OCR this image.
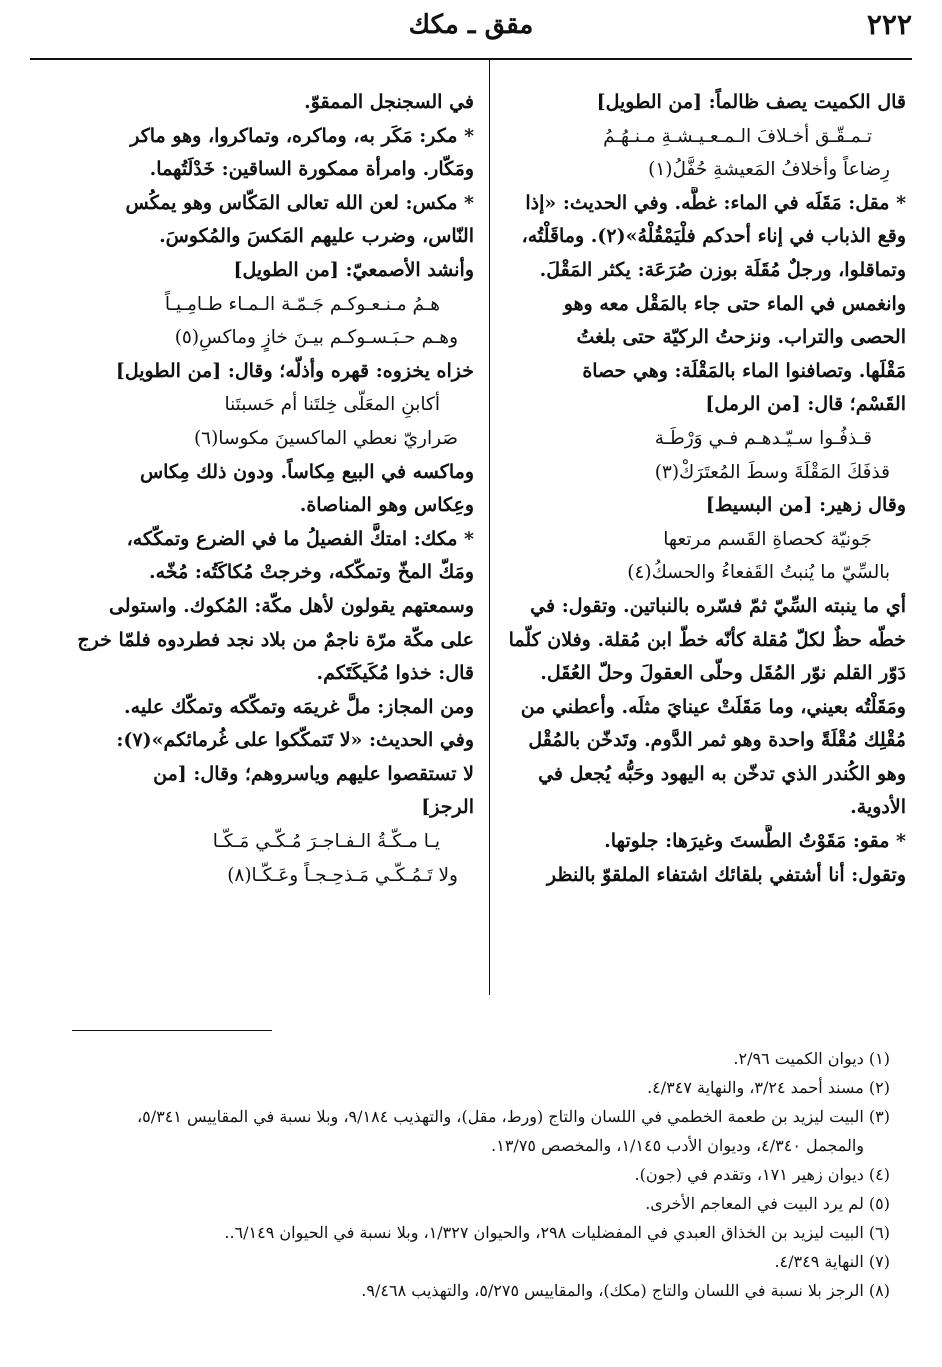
٢٢٢
مقق ـ مكك
قال الكميت يصف ظالماً: [من الطويل]
تـمـقّـق أخـلافَ الـمـعـيـشـةِ مـنـهُـمُ
رِضاعاً وأخلافُ المَعيشةِ حُفَّلُ(١)
* مقل: مَقَلَه في الماء: غطَّه. وفي الحديث: «إذا
وقع الذباب في إناء أحدكم فلْيَمْقُلْهُ»(٢). وماقَلْتُه،
وتماقلوا، ورجلٌ مُقَلَة بوزن صُرَعَة: يكثر المَقْلَ.
وانغمس في الماء حتى جاء بالمَقْل معه وهو
الحصى والتراب. ونزحتُ الركيّة حتى بلغتُ
مَقْلَها. وتصافنوا الماء بالمَقْلَة: وهي حصاة
القَسْم؛ قال: [من الرمل]
قـذفُـوا سـيّـدهـم فـي وَرْطَـة
قذفَكَ المَقْلَةَ وسطَ المُعتَرَكْ(٣)
وقال زهير: [من البسيط]
جَونيّة كحصاةِ القَسم مرتعها
بالسِّيّ ما يُنبتُ القَفعاءُ والحسكُ(٤)
أي ما ينبته السِّيّ ثمّ فسّره بالنباتين. وتقول: في
خطّه حظٌ لكلّ مُقلة كأنّه خطّ ابن مُقلة. وفلان كلّما
دَوّر القلم نوّر المُقَل وحلّى العقولَ وحلّ العُقَل.
ومَقَلْتُه بعيني، وما مَقَلَتْ عينايَ مثلَه. وأعطني من
مُقْلِك مُقْلَةً واحدة وهو ثمر الدَّوم. وتَدخّن بالمُقْل
وهو الكُندر الذي تدخّن به اليهود وحَبُّه يُجعل في
الأدوية.
* مقو: مَقَوْتُ الطَّستَ وغيرَها: جلوتها.
وتقول: أنا أشتفي بلقائك اشتفاء الملقوّ بالنظر
في السجنجل الممقوّ.
* مكر: مَكَر به، وماكره، وتماكروا، وهو ماكر
ومَكّار. وامرأة ممكورة الساقين: خَدْلَتُهما.
* مكس: لعن الله تعالى المَكّاس وهو يمكُس
النّاس، وضرب عليهم المَكسَ والمُكوسَ.
وأنشد الأصمعيّ: [من الطويل]
هـمُ مـنـعـوكـم جَـمّـة الـمـاء طـامِـيـاً
وهـم حـبَـسـوكـم بيـنَ خازٍ وماكسِ(٥)
خزاه يخزوه: قهره وأذلّه؛ وقال: [من الطويل]
أكابنِ المعَلّى خِلتَنا أم حَسبتَنا
صَراريّ نعطي الماكسينَ مكوسا(٦)
وماكسه في البيع مِكاساً. ودون ذلك مِكاس
وعِكاس وهو المناصاة.
* مكك: امتكَّ الفصيلُ ما في الضرع وتمكّكه،
ومَكّ المخّ وتمكّكه، وخرجتْ مُكاكَتُه: مُخّه.
وسمعتهم يقولون لأهل مكّة: المُكوك. واستولى
على مكّة مرّة ناجمٌ من بلاد نجد فطردوه فلمّا خرج
قال: خذوا مُكَيكَتَكم.
ومن المجاز: ملَّ غريمَه وتمكّكه وتمكّك عليه.
وفي الحديث: «لا تَتمكّكوا على غُرمائكم»(٧):
لا تستقصوا عليهم وياسروهم؛ وقال: [من
الرجز]
يـا مـكّـةُ الـفـاجـرَ مُـكّـي مَـكّـا
ولا تَـمُـكّـي مَـذحِـجـاً وعَـكّـا(٨)
(١) ديوان الكميت ٢/٩٦.
(٢) مسند أحمد ٣/٢٤، والنهاية ٤/٣٤٧.
(٣) البيت ليزيد بن طعمة الخطمي في اللسان والتاج (ورط، مقل)، والتهذيب ٩/١٨٤، وبلا نسبة في المقاييس ٥/٣٤١،
والمجمل ٤/٣٤٠، وديوان الأدب ١/١٤٥، والمخصص ١٣/٧٥.
(٤) ديوان زهير ١٧١، وتقدم في (جون).
(٥) لم يرد البيت في المعاجم الأخرى.
(٦) البيت ليزيد بن الخذاق العبدي في المفضليات ٢٩٨، والحيوان ١/٣٢٧، وبلا نسبة في الحيوان ٦/١٤٩..
(٧) النهاية ٤/٣٤٩.
(٨) الرجز بلا نسبة في اللسان والتاج (مكك)، والمقاييس ٥/٢٧٥، والتهذيب ٩/٤٦٨.
